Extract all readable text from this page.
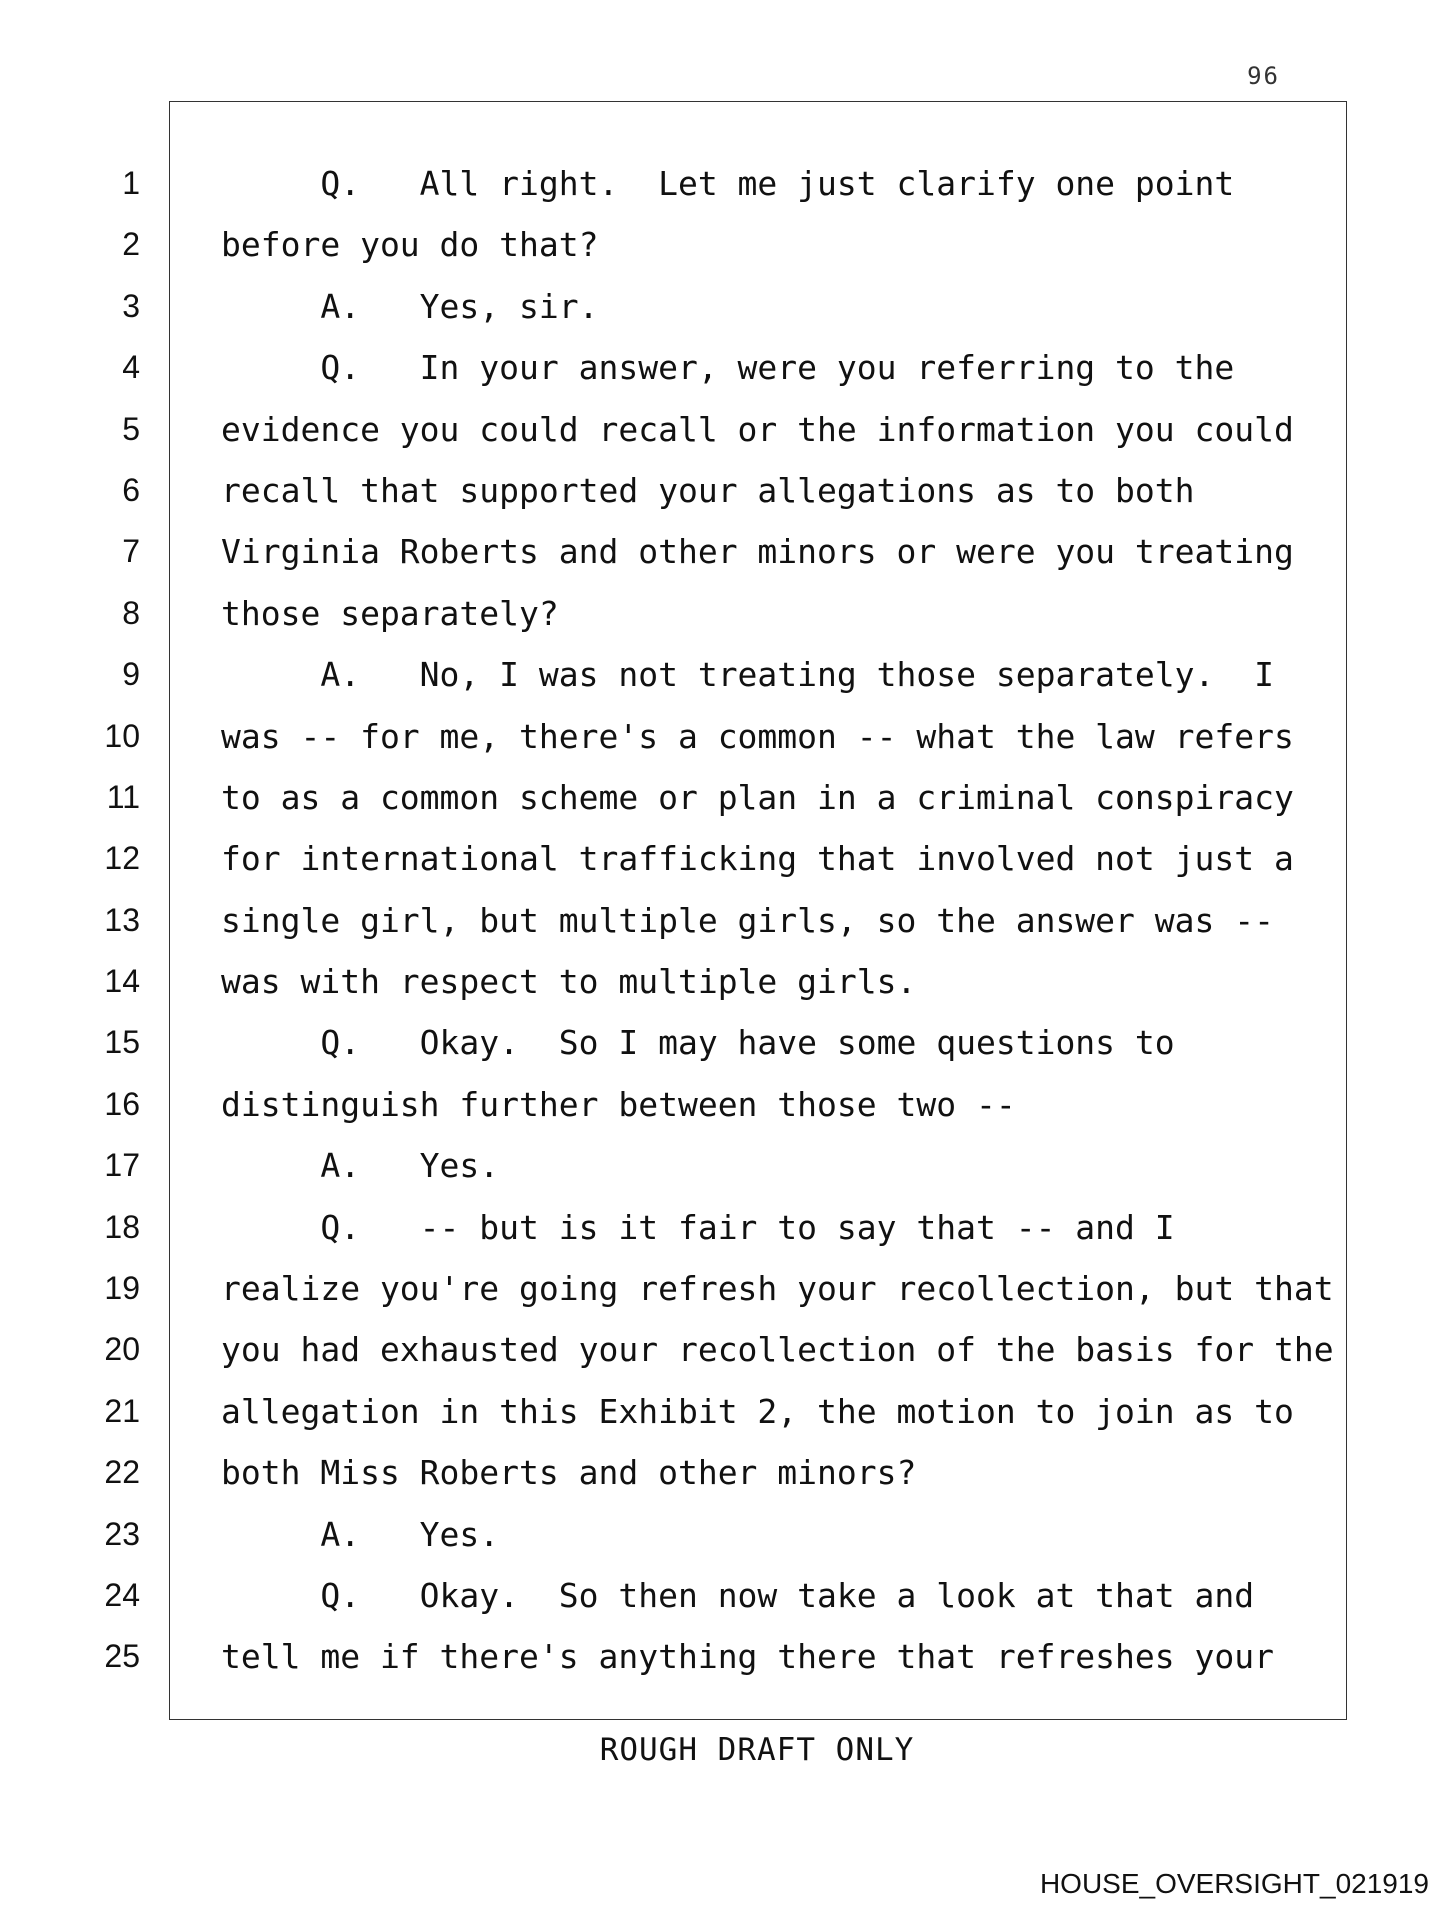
96
1
2
3
4
5
6
7
8
9
10
11
12
13
14
15
16
17
18
19
20
21
22
23
24
25
Q.   All right.  Let me just clarify one point
before you do that?
A.   Yes, sir.
Q.   In your answer, were you referring to the
evidence you could recall or the information you could
recall that supported your allegations as to both
Virginia Roberts and other minors or were you treating
those separately?
A.   No, I was not treating those separately.  I
was -- for me, there's a common -- what the law refers
to as a common scheme or plan in a criminal conspiracy
for international trafficking that involved not just a
single girl, but multiple girls, so the answer was --
was with respect to multiple girls.
Q.   Okay.  So I may have some questions to
distinguish further between those two --
A.   Yes.
Q.   -- but is it fair to say that -- and I
realize you're going refresh your recollection, but that
you had exhausted your recollection of the basis for the
allegation in this Exhibit 2, the motion to join as to
both Miss Roberts and other minors?
A.   Yes.
Q.   Okay.  So then now take a look at that and
tell me if there's anything there that refreshes your
ROUGH DRAFT ONLY
HOUSE_OVERSIGHT_021919
